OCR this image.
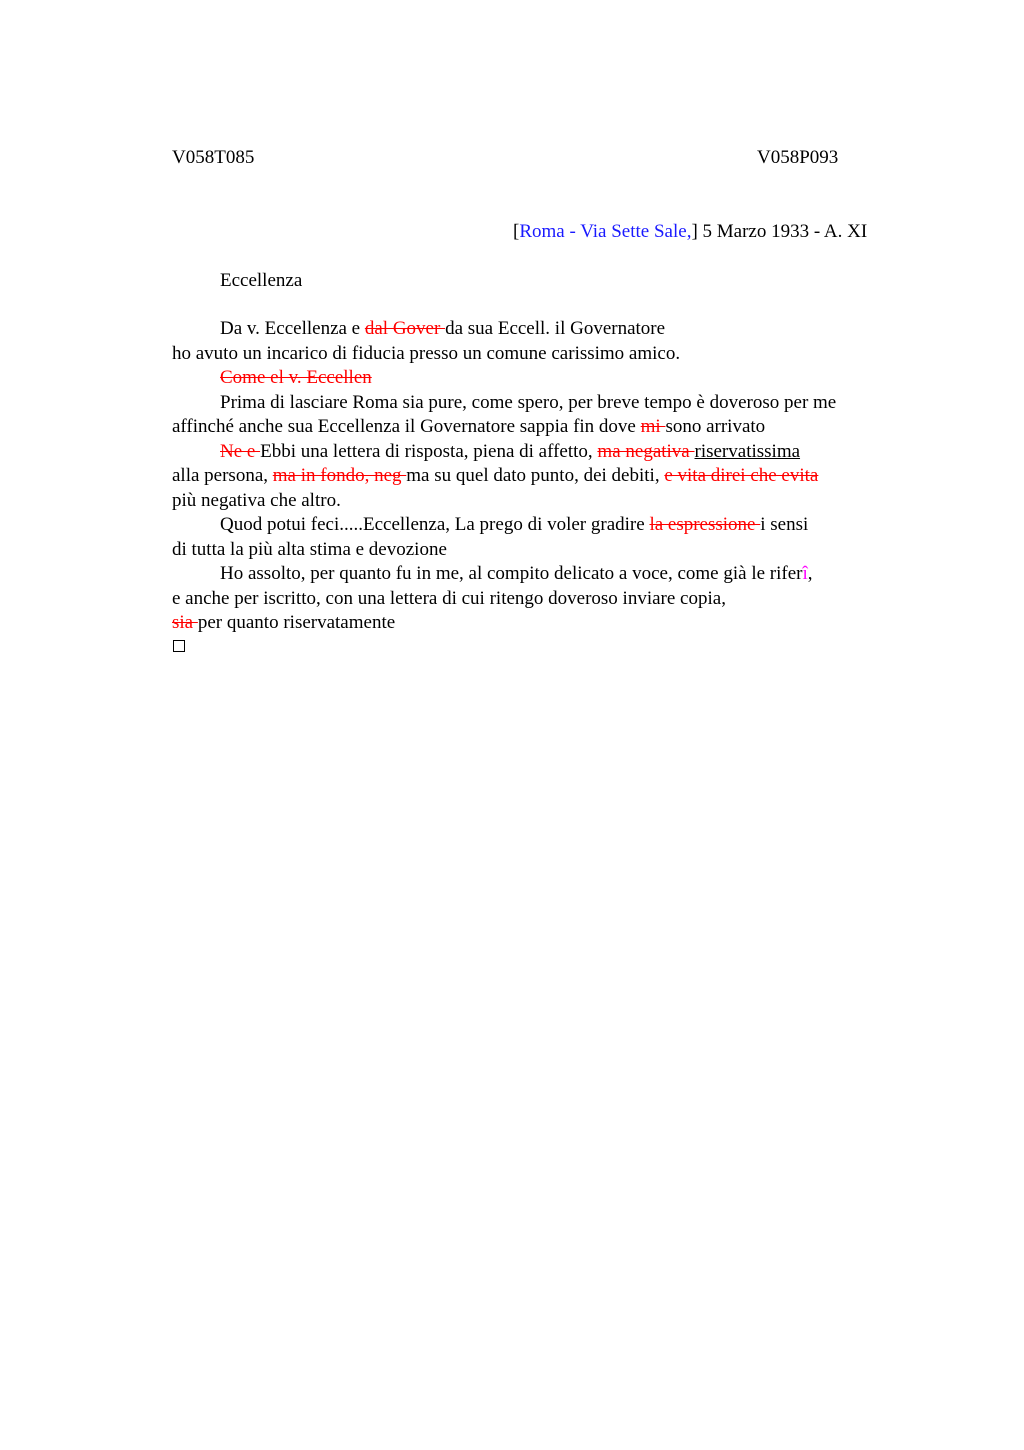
V058T085	V058P093
[Roma - Via Sette Sale,] 5 Marzo 1933 - A. XI
Eccellenza
Da v. Eccellenza e dal Gover da sua Eccell. il Governatore
ho avuto un incarico di fiducia presso un comune carissimo amico.
Come el v. Eccellen
Prima di lasciare Roma sia pure, come spero, per breve tempo è doveroso per me
affinché anche sua Eccellenza il Governatore sappia fin dove mi sono arrivato
Ne e Ebbi una lettera di risposta, piena di affetto, ma negativa riservatissima
alla persona, ma in fondo, neg ma su quel dato punto, dei debiti, e vita direi che evita
più negativa che altro.
Quod potui feci.....Eccellenza, La prego di voler gradire la espressione i sensi
di tutta la più alta stima e devozione
Ho assolto, per quanto fu in me, al compito delicato a voce, come già le riferî,
e anche per iscritto, con una lettera di cui ritengo doveroso inviare copia,
sia per quanto riservatamente
